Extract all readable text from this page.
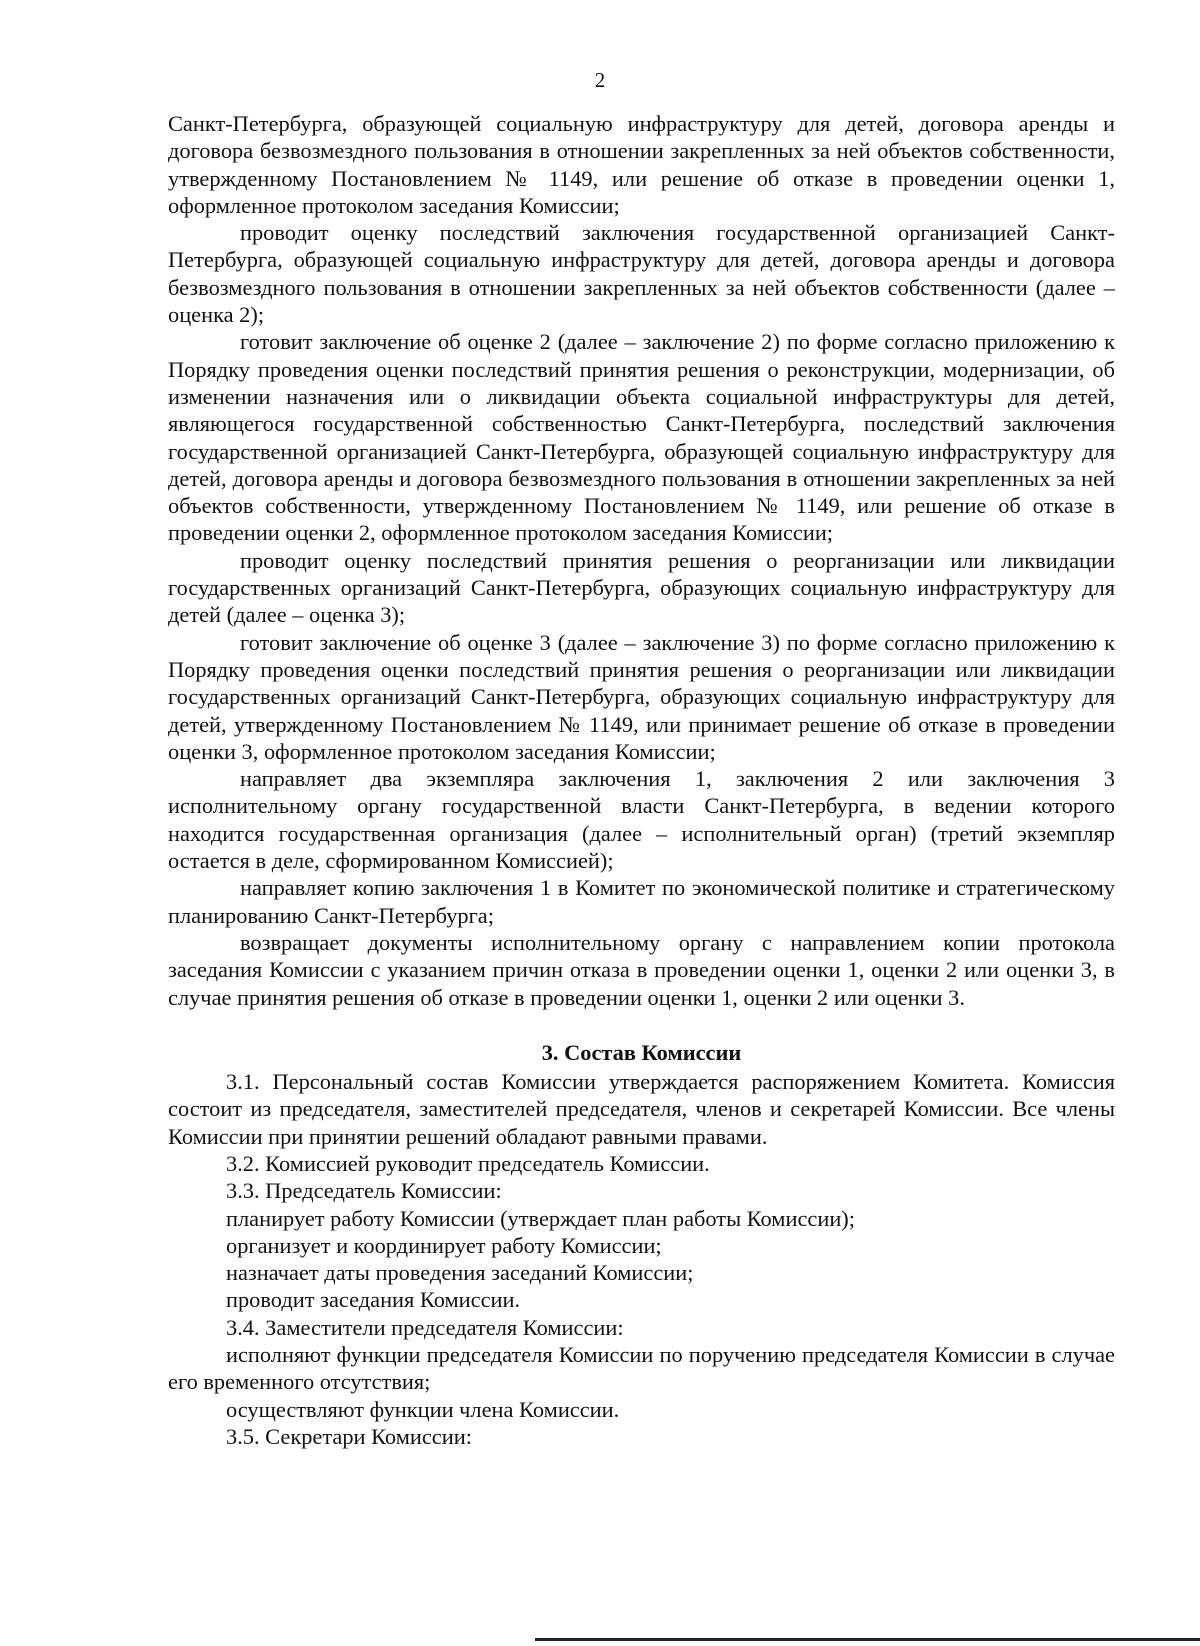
2

Санкт-Петербурга, образующей социальную инфраструктуру для детей, договора аренды и договора безвозмездного пользования в отношении закрепленных за ней объектов собственности, утвержденному Постановлением № 1149, или решение об отказе в проведении оценки 1, оформленное протоколом заседания Комиссии;

проводит оценку последствий заключения государственной организацией Санкт-Петербурга, образующей социальную инфраструктуру для детей, договора аренды и договора безвозмездного пользования в отношении закрепленных за ней объектов собственности (далее – оценка 2);

готовит заключение об оценке 2 (далее – заключение 2) по форме согласно приложению к Порядку проведения оценки последствий принятия решения о реконструкции, модернизации, об изменении назначения или о ликвидации объекта социальной инфраструктуры для детей, являющегося государственной собственностью Санкт-Петербурга, последствий заключения государственной организацией Санкт-Петербурга, образующей социальную инфраструктуру для детей, договора аренды и договора безвозмездного пользования в отношении закрепленных за ней объектов собственности, утвержденному Постановлением № 1149, или решение об отказе в проведении оценки 2, оформленное протоколом заседания Комиссии;

проводит оценку последствий принятия решения о реорганизации или ликвидации государственных организаций Санкт-Петербурга, образующих социальную инфраструктуру для детей (далее – оценка 3);

готовит заключение об оценке 3 (далее – заключение 3) по форме согласно приложению к Порядку проведения оценки последствий принятия решения о реорганизации или ликвидации государственных организаций Санкт-Петербурга, образующих социальную инфраструктуру для детей, утвержденному Постановлением № 1149, или принимает решение об отказе в проведении оценки 3, оформленное протоколом заседания Комиссии;

направляет два экземпляра заключения 1, заключения 2 или заключения 3 исполнительному органу государственной власти Санкт-Петербурга, в ведении которого находится государственная организация (далее – исполнительный орган) (третий экземпляр остается в деле, сформированном Комиссией);

направляет копию заключения 1 в Комитет по экономической политике и стратегическому планированию Санкт-Петербурга;

возвращает документы исполнительному органу с направлением копии протокола заседания Комиссии с указанием причин отказа в проведении оценки 1, оценки 2 или оценки 3, в случае принятия решения об отказе в проведении оценки 1, оценки 2 или оценки 3.

3. Состав Комиссии

3.1. Персональный состав Комиссии утверждается распоряжением Комитета. Комиссия состоит из председателя, заместителей председателя, членов и секретарей Комиссии. Все члены Комиссии при принятии решений обладают равными правами.

3.2. Комиссией руководит председатель Комиссии.

3.3. Председатель Комиссии:

планирует работу Комиссии (утверждает план работы Комиссии);

организует и координирует работу Комиссии;

назначает даты проведения заседаний Комиссии;

проводит заседания Комиссии.

3.4. Заместители председателя Комиссии:

исполняют функции председателя Комиссии по поручению председателя Комиссии в случае его временного отсутствия;

осуществляют функции члена Комиссии.

3.5. Секретари Комиссии:
